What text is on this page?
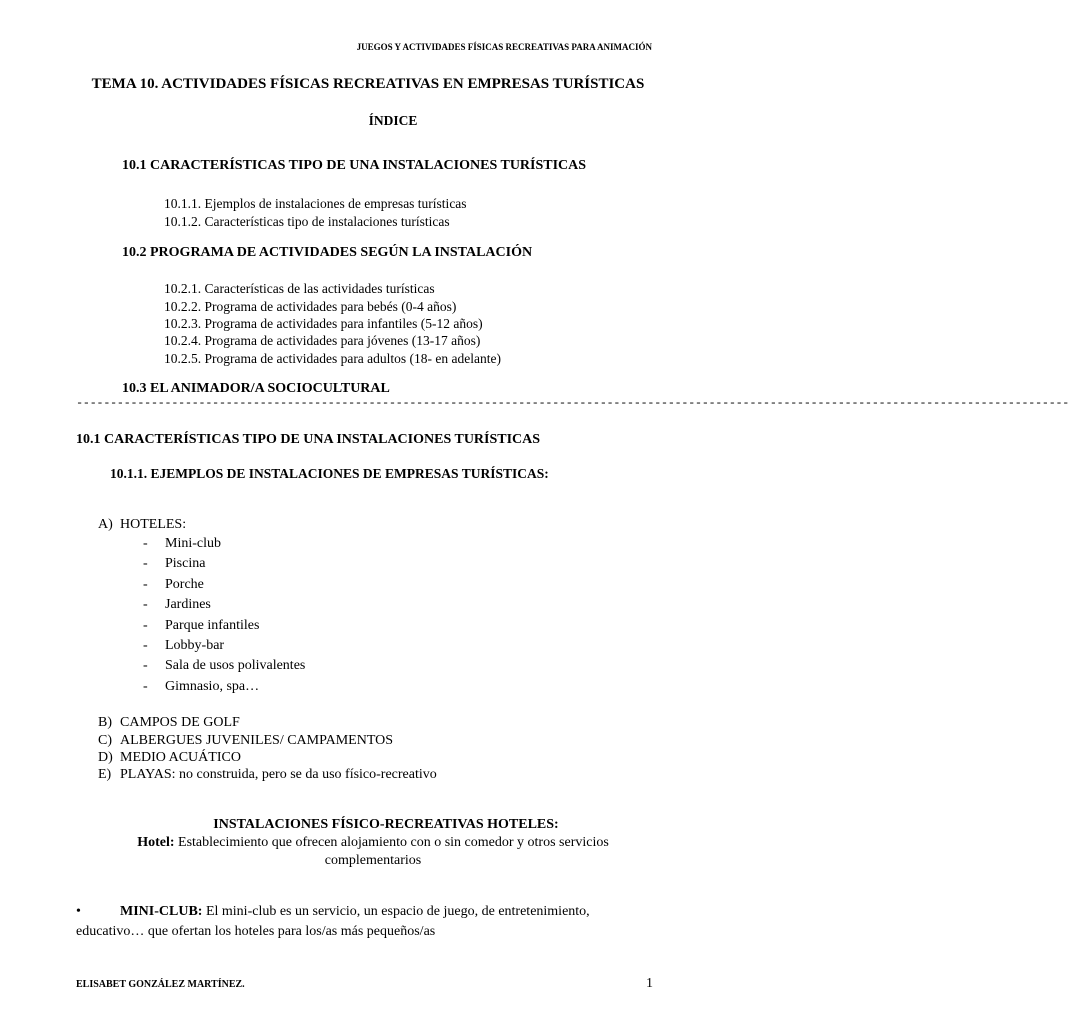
JUEGOS Y ACTIVIDADES FÍSICAS RECREATIVAS PARA ANIMACIÓN
TEMA 10. ACTIVIDADES FÍSICAS RECREATIVAS EN EMPRESAS TURÍSTICAS
ÍNDICE
10.1 CARACTERÍSTICAS TIPO DE UNA INSTALACIONES TURÍSTICAS
10.1.1. Ejemplos de instalaciones de empresas turísticas
10.1.2. Características tipo de instalaciones turísticas
10.2 PROGRAMA DE ACTIVIDADES SEGÚN LA INSTALACIÓN
10.2.1. Características de las actividades turísticas
10.2.2. Programa de actividades para bebés (0-4 años)
10.2.3. Programa de actividades para infantiles (5-12 años)
10.2.4. Programa de actividades para jóvenes (13-17 años)
10.2.5. Programa de actividades para adultos (18- en adelante)
10.3 EL ANIMADOR/A SOCIOCULTURAL
--------------------------------------------------------------------------------------------------------------------------------------------------
10.1 CARACTERÍSTICAS TIPO DE UNA INSTALACIONES TURÍSTICAS
10.1.1. EJEMPLOS DE INSTALACIONES DE EMPRESAS TURÍSTICAS:
A) HOTELES:
- Mini-club
- Piscina
- Porche
- Jardines
- Parque infantiles
- Lobby-bar
- Sala de usos polivalentes
- Gimnasio, spa…
B) CAMPOS DE GOLF
C) ALBERGUES JUVENILES/ CAMPAMENTOS
D) MEDIO ACUÁTICO
E) PLAYAS: no construida, pero se da uso físico-recreativo
INSTALACIONES FÍSICO-RECREATIVAS HOTELES:
Hotel: Establecimiento que ofrecen alojamiento con o sin comedor y otros servicios complementarios
•	MINI-CLUB: El mini-club es un servicio, un espacio de juego, de entretenimiento, educativo… que ofertan los hoteles para los/as más pequeños/as
ELISABET GONZÁLEZ MARTÍNEZ.	1
